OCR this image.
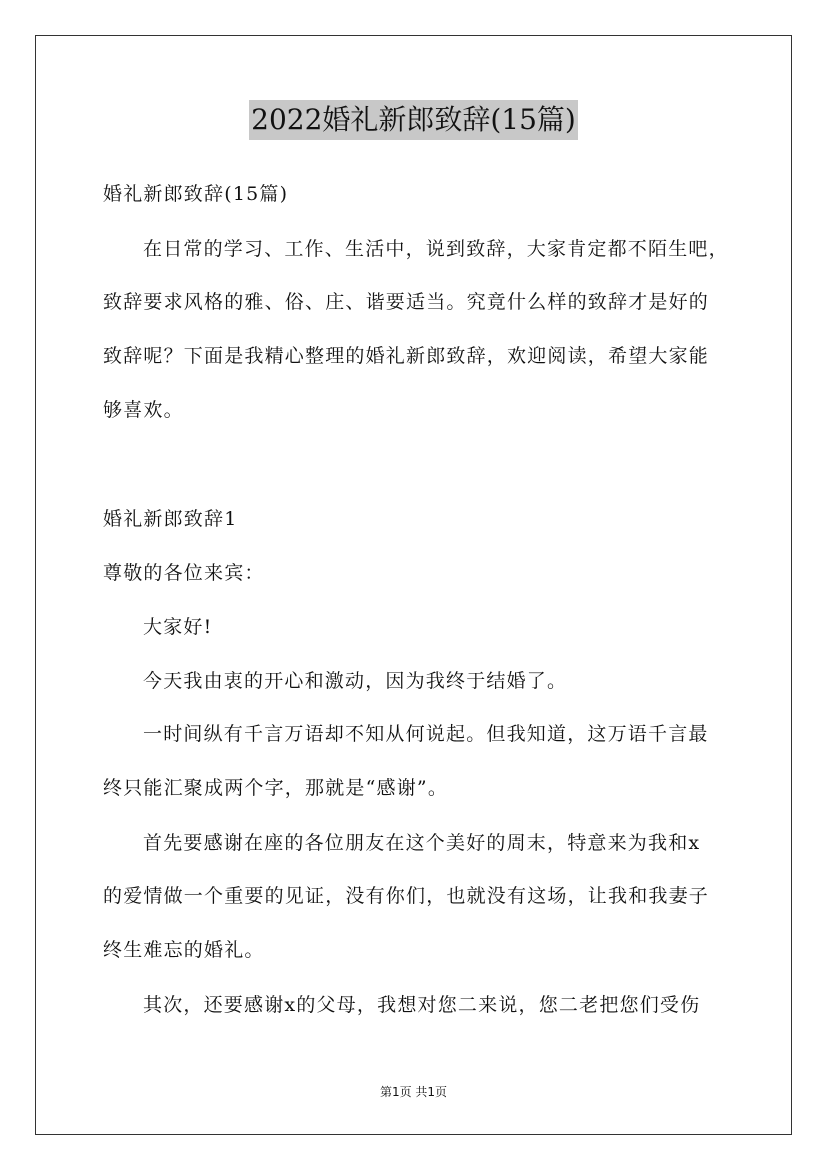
2022婚礼新郎致辞(15篇)
婚礼新郎致辞(15篇)
在日常的学习、工作、生活中，说到致辞，大家肯定都不陌生吧，
致辞要求风格的雅、俗、庄、谐要适当。究竟什么样的致辞才是好的
致辞呢？下面是我精心整理的婚礼新郎致辞，欢迎阅读，希望大家能
够喜欢。
婚礼新郎致辞1
尊敬的各位来宾：
大家好!
今天我由衷的开心和激动，因为我终于结婚了。
一时间纵有千言万语却不知从何说起。但我知道，这万语千言最
终只能汇聚成两个字，那就是“感谢”。
首先要感谢在座的各位朋友在这个美好的周末，特意来为我和x
的爱情做一个重要的见证，没有你们，也就没有这场，让我和我妻子
终生难忘的婚礼。
其次，还要感谢x的父母，我想对您二来说，您二老把您们受伤
第1页 共1页
